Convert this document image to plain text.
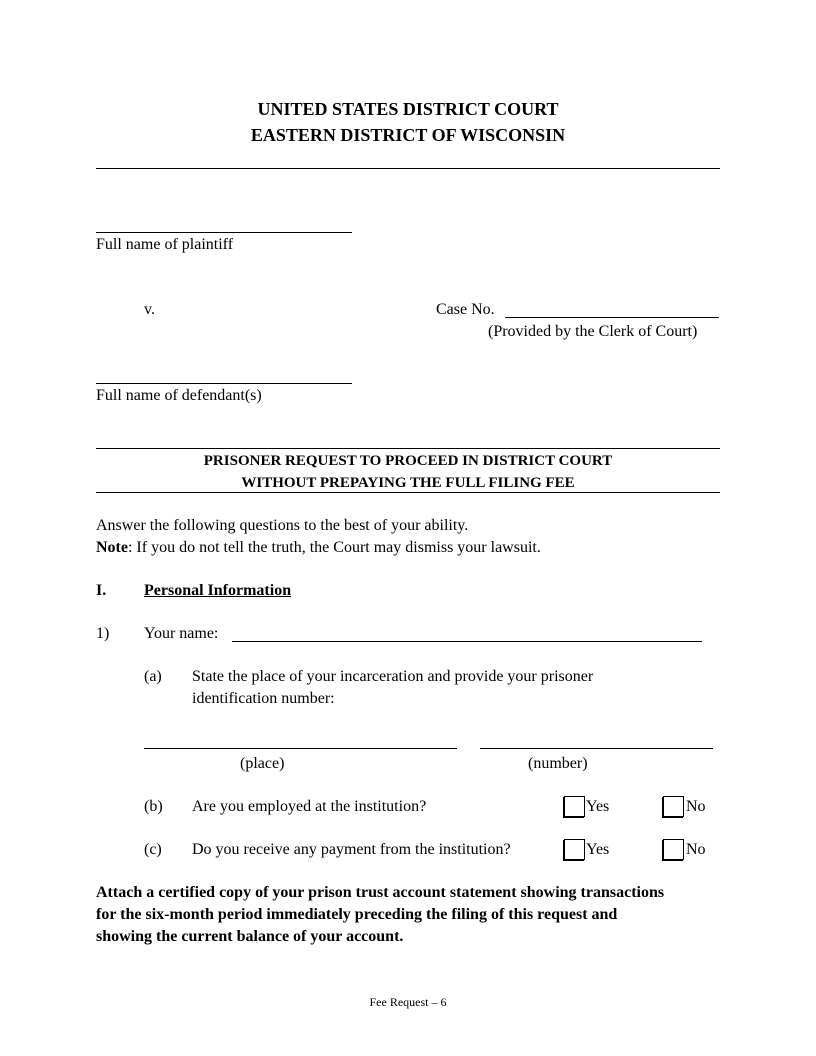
UNITED STATES DISTRICT COURT
EASTERN DISTRICT OF WISCONSIN
Full name of plaintiff
v.	Case No.
(Provided by the Clerk of Court)
Full name of defendant(s)
PRISONER REQUEST TO PROCEED IN DISTRICT COURT
WITHOUT PREPAYING THE FULL FILING FEE
Answer the following questions to the best of your ability.
Note: If you do not tell the truth, the Court may dismiss your lawsuit.
I. Personal Information
1) Your name:
(a) State the place of your incarceration and provide your prisoner
identification number:
(place)	(number)
(b) Are you employed at the institution?	Yes	No
(c) Do you receive any payment from the institution?	Yes	No
Attach a certified copy of your prison trust account statement showing transactions
for the six-month period immediately preceding the filing of this request and
showing the current balance of your account.
Fee Request – 6
